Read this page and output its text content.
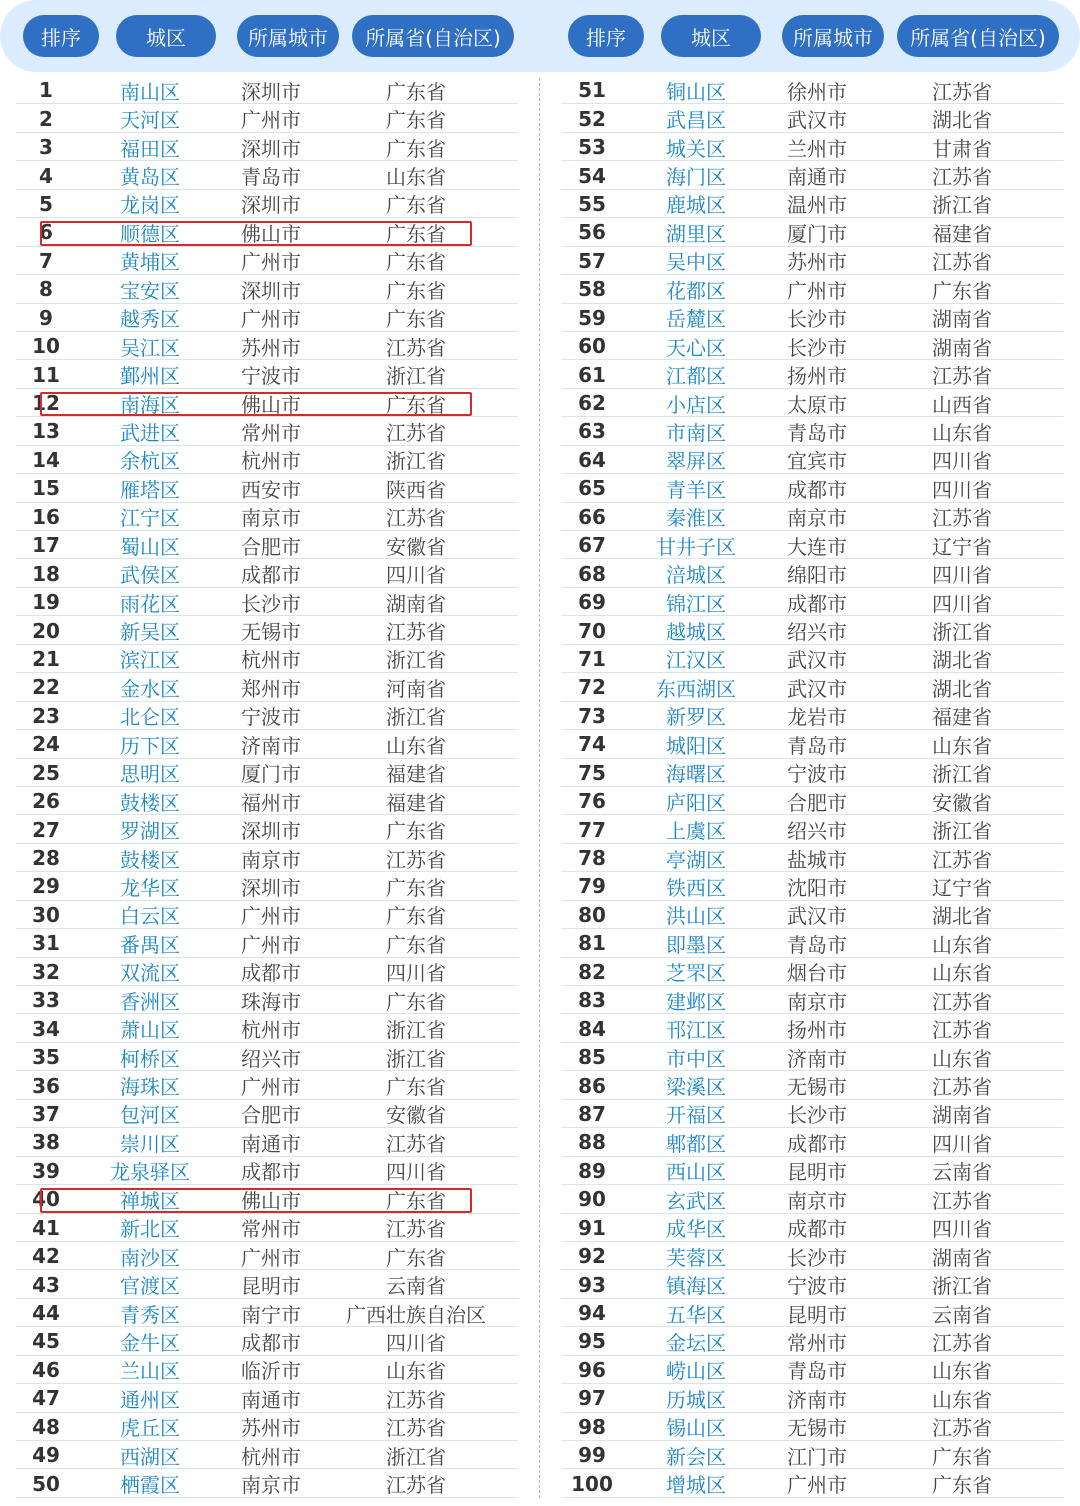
排序	城区	所属城市	所属省(自治区)	排序	城区	所属城市	所属省(自治区)
1	南山区	深圳市	广东省
2	天河区	广州市	广东省
3	福田区	深圳市	广东省
4	黄岛区	青岛市	山东省
5	龙岗区	深圳市	广东省
6	顺德区	佛山市	广东省
7	黄埔区	广州市	广东省
8	宝安区	深圳市	广东省
9	越秀区	广州市	广东省
10	吴江区	苏州市	江苏省
11	鄞州区	宁波市	浙江省
12	南海区	佛山市	广东省
13	武进区	常州市	江苏省
14	余杭区	杭州市	浙江省
15	雁塔区	西安市	陕西省
16	江宁区	南京市	江苏省
17	蜀山区	合肥市	安徽省
18	武侯区	成都市	四川省
19	雨花区	长沙市	湖南省
20	新吴区	无锡市	江苏省
21	滨江区	杭州市	浙江省
22	金水区	郑州市	河南省
23	北仑区	宁波市	浙江省
24	历下区	济南市	山东省
25	思明区	厦门市	福建省
26	鼓楼区	福州市	福建省
27	罗湖区	深圳市	广东省
28	鼓楼区	南京市	江苏省
29	龙华区	深圳市	广东省
30	白云区	广州市	广东省
31	番禺区	广州市	广东省
32	双流区	成都市	四川省
33	香洲区	珠海市	广东省
34	萧山区	杭州市	浙江省
35	柯桥区	绍兴市	浙江省
36	海珠区	广州市	广东省
37	包河区	合肥市	安徽省
38	崇川区	南通市	江苏省
39	龙泉驿区	成都市	四川省
40	禅城区	佛山市	广东省
41	新北区	常州市	江苏省
42	南沙区	广州市	广东省
43	官渡区	昆明市	云南省
44	青秀区	南宁市	广西壮族自治区
45	金牛区	成都市	四川省
46	兰山区	临沂市	山东省
47	通州区	南通市	江苏省
48	虎丘区	苏州市	江苏省
49	西湖区	杭州市	浙江省
50	栖霞区	南京市	江苏省
51	铜山区	徐州市	江苏省
52	武昌区	武汉市	湖北省
53	城关区	兰州市	甘肃省
54	海门区	南通市	江苏省
55	鹿城区	温州市	浙江省
56	湖里区	厦门市	福建省
57	吴中区	苏州市	江苏省
58	花都区	广州市	广东省
59	岳麓区	长沙市	湖南省
60	天心区	长沙市	湖南省
61	江都区	扬州市	江苏省
62	小店区	太原市	山西省
63	市南区	青岛市	山东省
64	翠屏区	宜宾市	四川省
65	青羊区	成都市	四川省
66	秦淮区	南京市	江苏省
67	甘井子区	大连市	辽宁省
68	涪城区	绵阳市	四川省
69	锦江区	成都市	四川省
70	越城区	绍兴市	浙江省
71	江汉区	武汉市	湖北省
72	东西湖区	武汉市	湖北省
73	新罗区	龙岩市	福建省
74	城阳区	青岛市	山东省
75	海曙区	宁波市	浙江省
76	庐阳区	合肥市	安徽省
77	上虞区	绍兴市	浙江省
78	亭湖区	盐城市	江苏省
79	铁西区	沈阳市	辽宁省
80	洪山区	武汉市	湖北省
81	即墨区	青岛市	山东省
82	芝罘区	烟台市	山东省
83	建邺区	南京市	江苏省
84	邗江区	扬州市	江苏省
85	市中区	济南市	山东省
86	梁溪区	无锡市	江苏省
87	开福区	长沙市	湖南省
88	郫都区	成都市	四川省
89	西山区	昆明市	云南省
90	玄武区	南京市	江苏省
91	成华区	成都市	四川省
92	芙蓉区	长沙市	湖南省
93	镇海区	宁波市	浙江省
94	五华区	昆明市	云南省
95	金坛区	常州市	江苏省
96	崂山区	青岛市	山东省
97	历城区	济南市	山东省
98	锡山区	无锡市	江苏省
99	新会区	江门市	广东省
100	增城区	广州市	广东省
